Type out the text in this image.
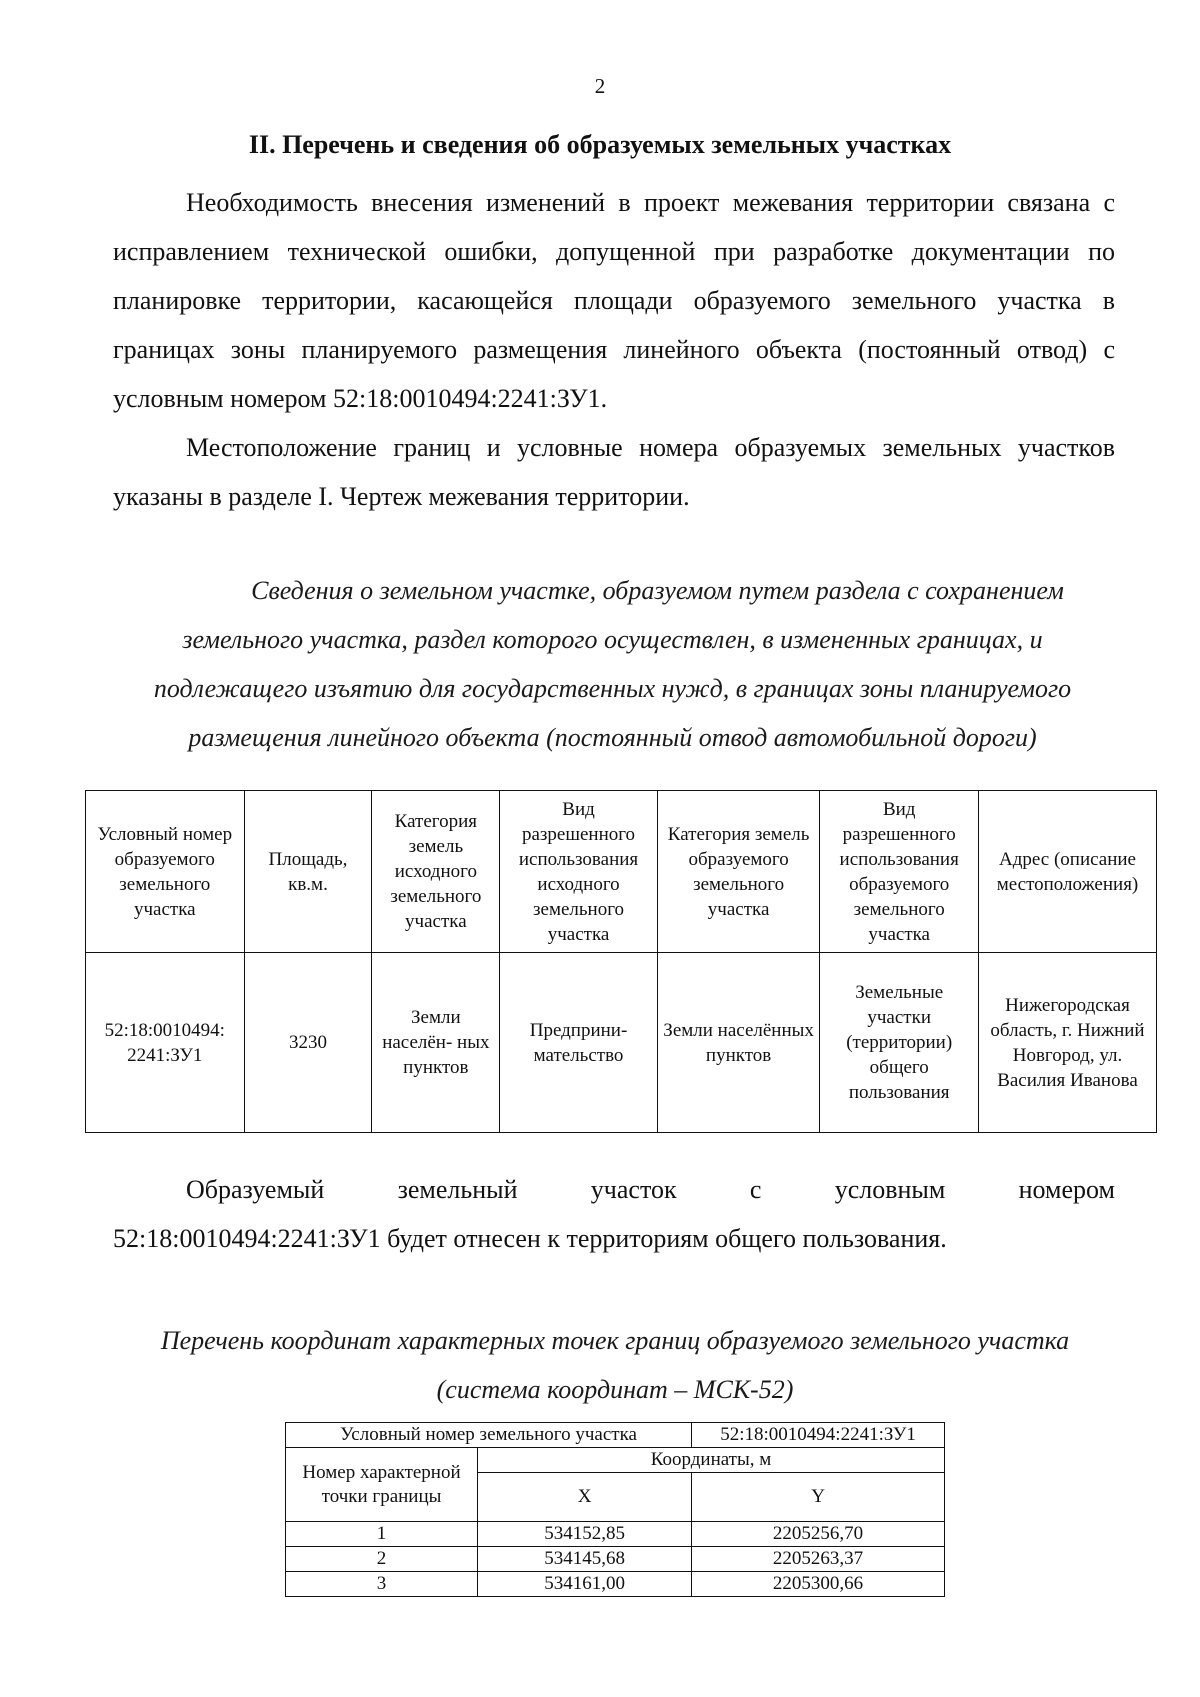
2
II. Перечень и сведения об образуемых земельных участках

Необходимость внесения изменений в проект межевания территории связана с исправлением технической ошибки, допущенной при разработке документации по планировке территории, касающейся площади образуемого земельного участка в границах зоны планируемого размещения линейного объекта (постоянный отвод) с условным номером 52:18:0010494:2241:ЗУ1.

Местоположение границ и условные номера образуемых земельных участков указаны в разделе I. Чертеж межевания территории.

Сведения о земельном участке, образуемом путем раздела с сохранением
земельного участка, раздел которого осуществлен, в измененных границах, и
подлежащего изъятию для государственных нужд, в границах зоны планируемого
размещения линейного объекта (постоянный отвод автомобильной дороги)

Условный номер образуемого земельного участка	Площадь, кв.м.	Категория земель исходного земельного участка	Вид разрешенного использования исходного земельного участка	Категория земель образуемого земельного участка	Вид разрешенного использования образуемого земельного участка	Адрес (описание местоположения)
52:18:0010494: 2241:ЗУ1	3230	Земли населён- ных пунктов	Предприни- мательство	Земли населённых пунктов	Земельные участки (территории) общего пользования	Нижегородская область, г. Нижний Новгород, ул. Василия Иванова
Образуемый земельный участок с условным номером
52:18:0010494:2241:ЗУ1 будет отнесен к территориям общего пользования.

Перечень координат характерных точек границ образуемого земельного участка
(система координат – МСК-52)

Условный номер земельного участка		52:18:0010494:2241:ЗУ1
Номер характерной точки границы	Координаты, м	
	X	Y
1	534152,85	2205256,70
2	534145,68	2205263,37
3	534161,00	2205300,66
